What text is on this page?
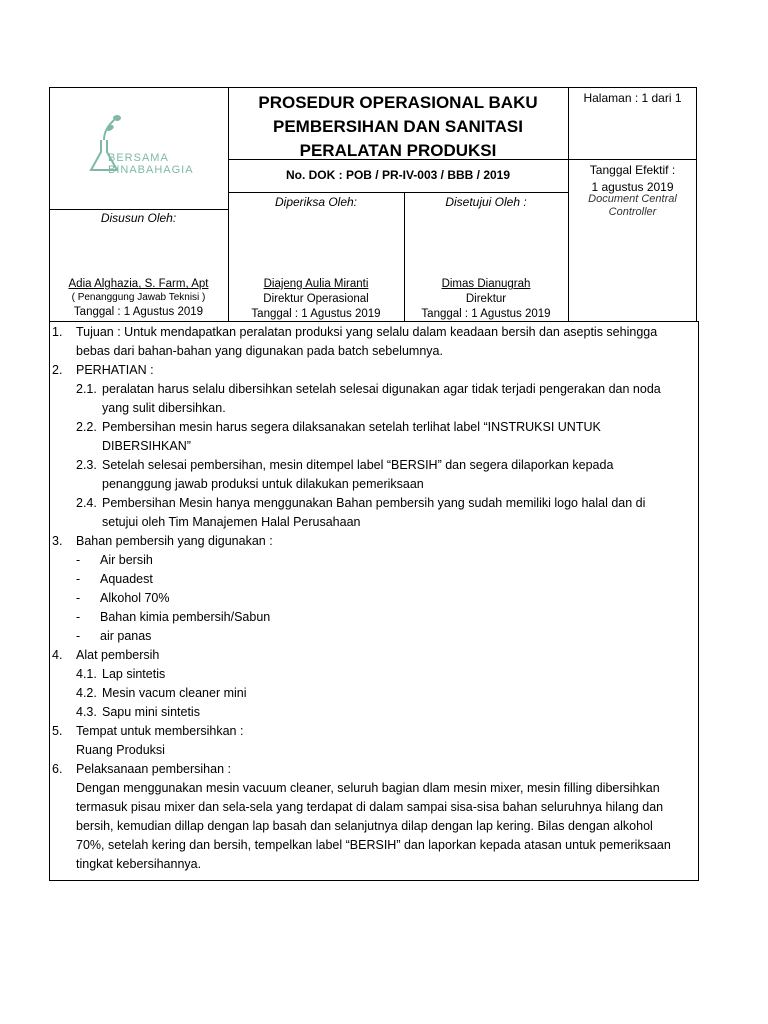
BERSAMA
BINABAHAGIA
PROSEDUR OPERASIONAL BAKU
PEMBERSIHAN DAN SANITASI
PERALATAN PRODUKSI
Halaman : 1 dari 1
No. DOK : POB / PR-IV-003 / BBB / 2019	Tanggal Efektif :
1 agustus 2019
Document Central
Controller
Disusun Oleh:
Adia Alghazia, S. Farm, Apt
( Penanggung Jawab Teknisi )
Tanggal : 1 Agustus 2019
Diperiksa Oleh:
Diajeng Aulia Miranti
Direktur Operasional
Tanggal : 1 Agustus 2019
Disetujui Oleh :
Dimas Dianugrah
Direktur
Tanggal : 1 Agustus 2019
1. Tujuan : Untuk mendapatkan peralatan produksi yang selalu dalam keadaan bersih dan aseptis sehingga
bebas dari bahan-bahan yang digunakan pada batch sebelumnya.
2. PERHATIAN :
2.1. peralatan harus selalu dibersihkan setelah selesai digunakan agar tidak terjadi pengerakan dan noda
yang sulit dibersihkan.
2.2. Pembersihan mesin harus segera dilaksanakan setelah terlihat label “INSTRUKSI UNTUK
DIBERSIHKAN”
2.3. Setelah selesai pembersihan, mesin ditempel label “BERSIH” dan segera dilaporkan kepada
penanggung jawab produksi untuk dilakukan pemeriksaan
2.4. Pembersihan Mesin hanya menggunakan Bahan pembersih yang sudah memiliki logo halal dan di
setujui oleh Tim Manajemen Halal Perusahaan
3. Bahan pembersih yang digunakan :
- Air bersih
- Aquadest
- Alkohol 70%
- Bahan kimia pembersih/Sabun
- air panas
4. Alat pembersih
4.1. Lap sintetis
4.2. Mesin vacum cleaner mini
4.3. Sapu mini sintetis
5. Tempat untuk membersihkan :
Ruang Produksi
6. Pelaksanaan pembersihan :
Dengan menggunakan mesin vacuum cleaner, seluruh bagian dlam mesin mixer, mesin filling dibersihkan
termasuk pisau mixer dan sela-sela yang terdapat di dalam sampai sisa-sisa bahan seluruhnya hilang dan
bersih, kemudian dillap dengan lap basah dan selanjutnya dilap dengan lap kering. Bilas dengan alkohol
70%, setelah kering dan bersih, tempelkan label “BERSIH” dan laporkan kepada atasan untuk pemeriksaan
tingkat kebersihannya.
